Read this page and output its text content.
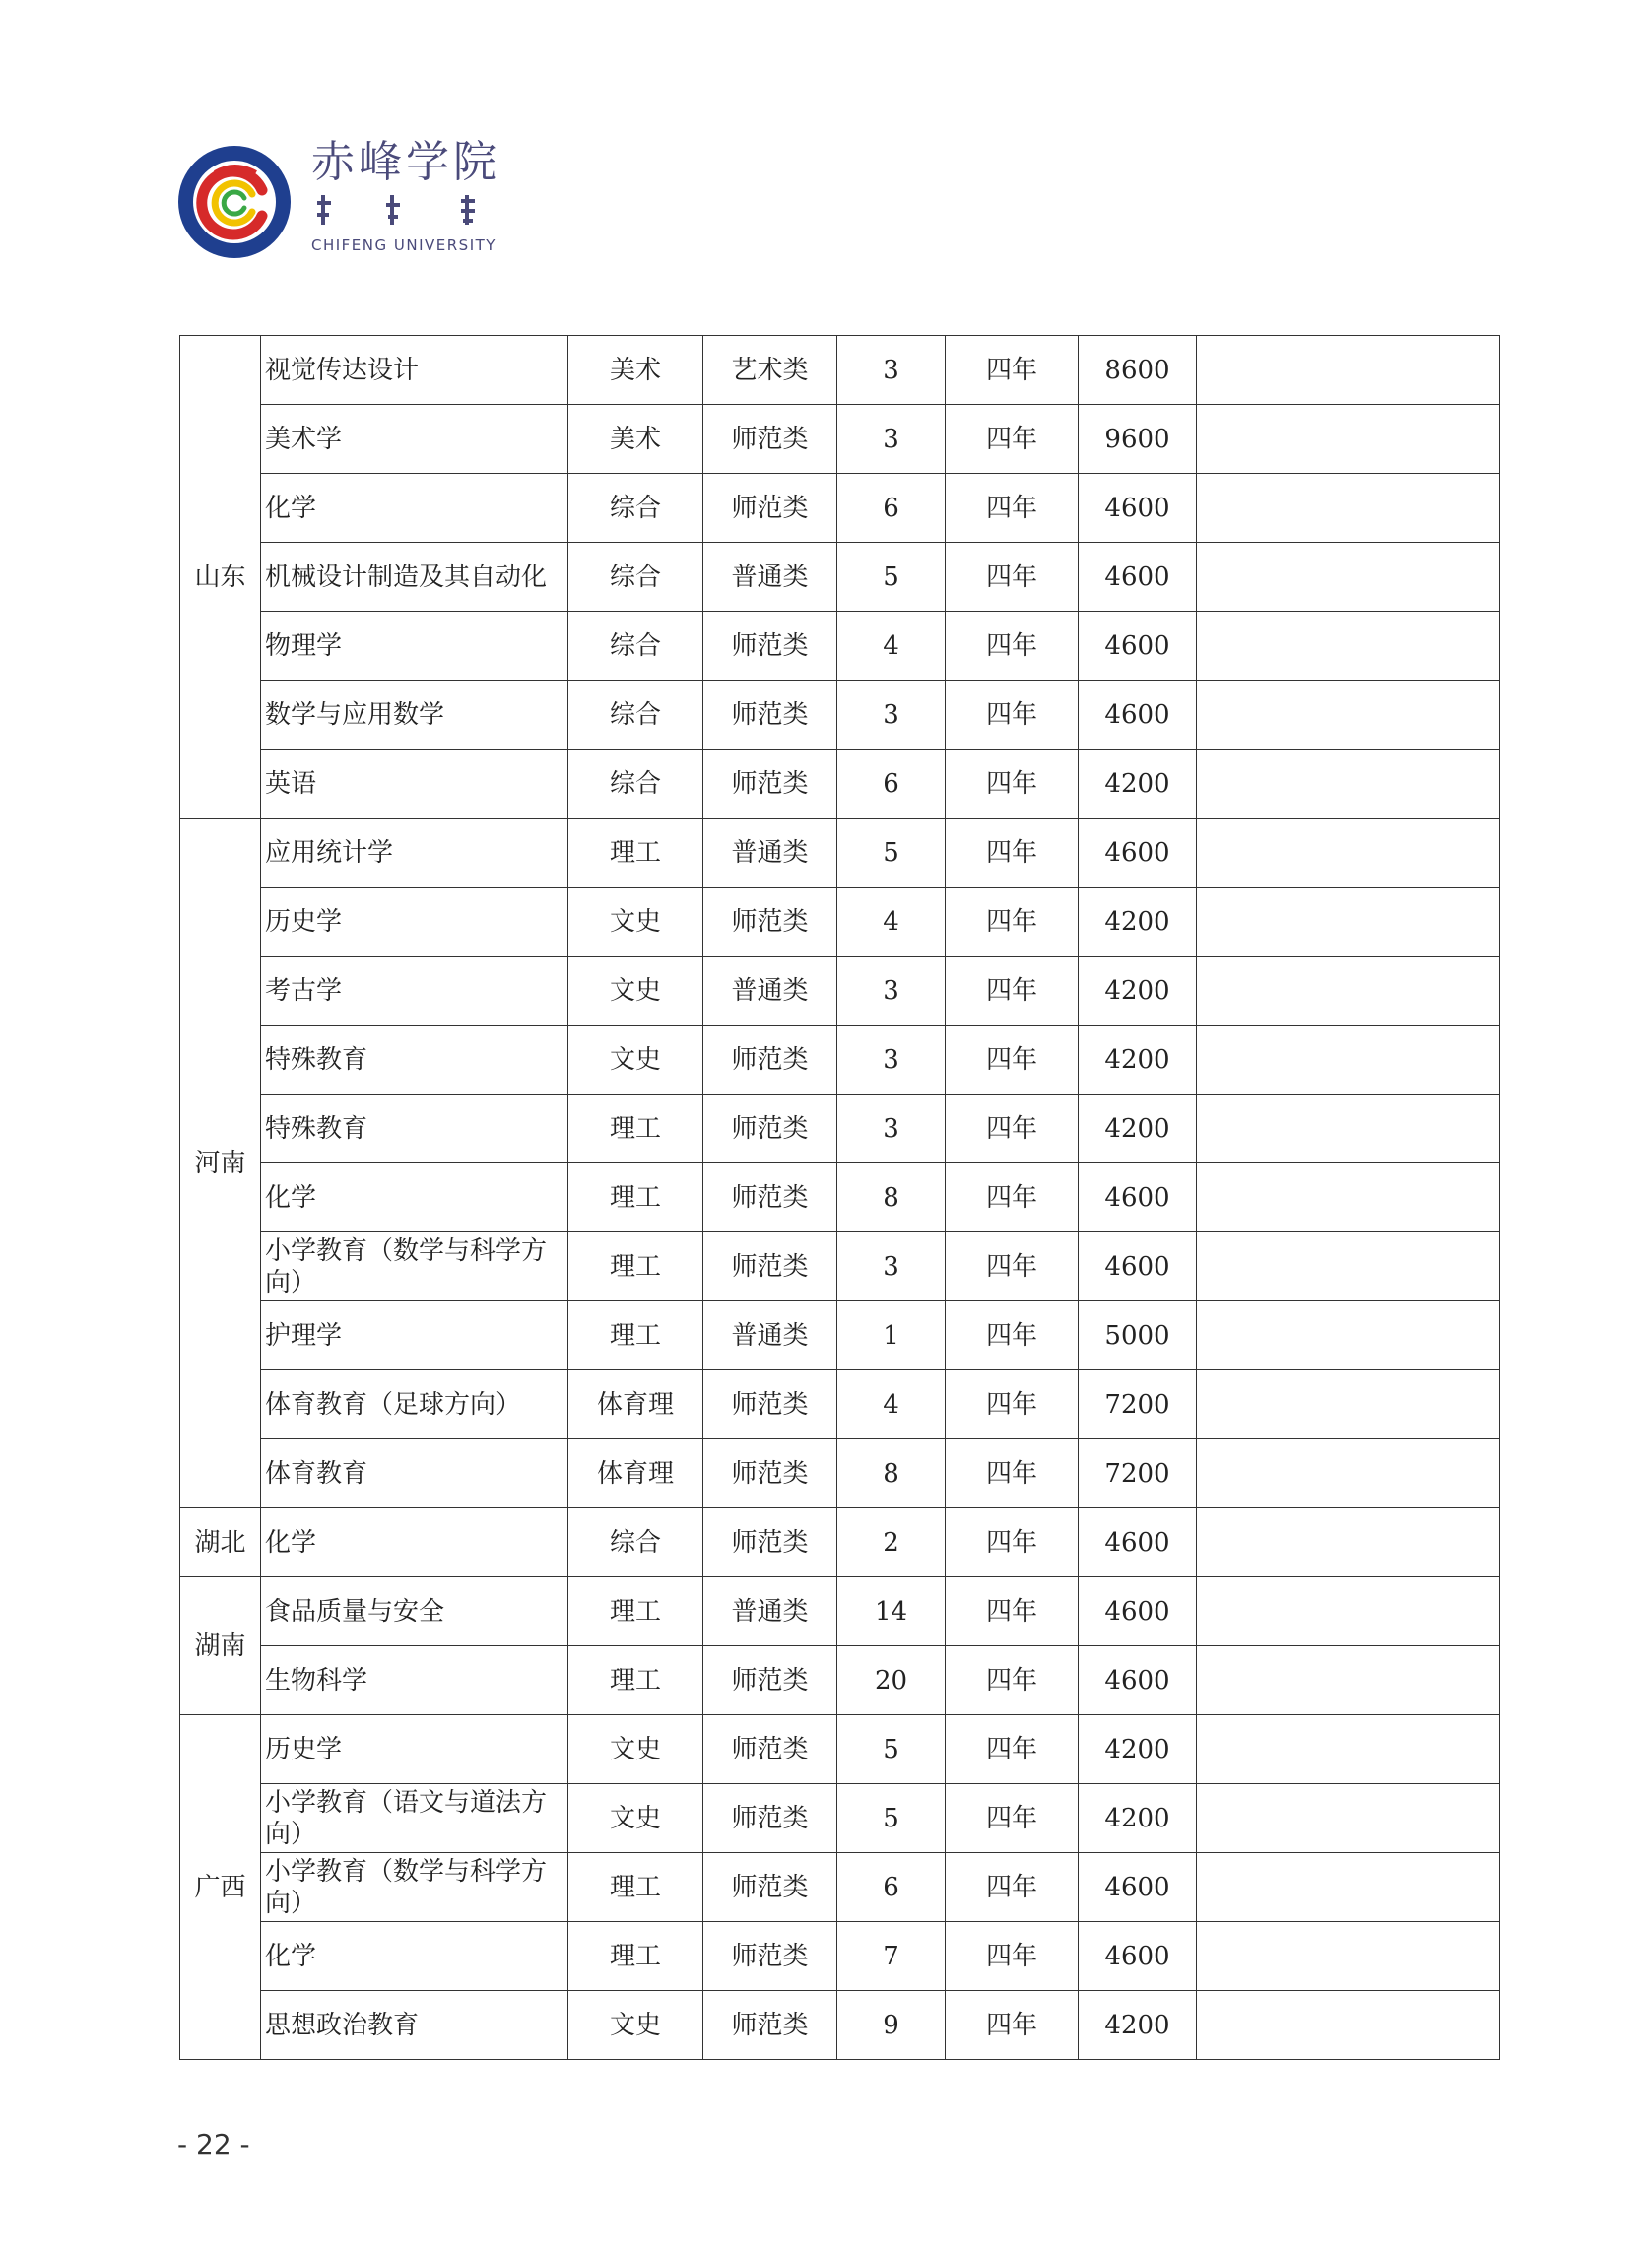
赤峰学院
CHIFENG UNIVERSITY
山东	视觉传达设计	美术	艺术类	3	四年	8600	
	美术学	美术	师范类	3	四年	9600	
	化学	综合	师范类	6	四年	4600	
	机械设计制造及其自动化	综合	普通类	5	四年	4600	
	物理学	综合	师范类	4	四年	4600	
	数学与应用数学	综合	师范类	3	四年	4600	
	英语	综合	师范类	6	四年	4200	
河南	应用统计学	理工	普通类	5	四年	4600	
	历史学	文史	师范类	4	四年	4200	
	考古学	文史	普通类	3	四年	4200	
	特殊教育	文史	师范类	3	四年	4200	
	特殊教育	理工	师范类	3	四年	4200	
	化学	理工	师范类	8	四年	4600	
	小学教育（数学与科学方向）	理工	师范类	3	四年	4600	
	护理学	理工	普通类	1	四年	5000	
	体育教育（足球方向）	体育理	师范类	4	四年	7200	
	体育教育	体育理	师范类	8	四年	7200	
湖北	化学	综合	师范类	2	四年	4600	
湖南	食品质量与安全	理工	普通类	14	四年	4600	
	生物科学	理工	师范类	20	四年	4600	
广西	历史学	文史	师范类	5	四年	4200	
	小学教育（语文与道法方向）	文史	师范类	5	四年	4200	
	小学教育（数学与科学方向）	理工	师范类	6	四年	4600	
	化学	理工	师范类	7	四年	4600	
	思想政治教育	文史	师范类	9	四年	4200	
- 22 -
